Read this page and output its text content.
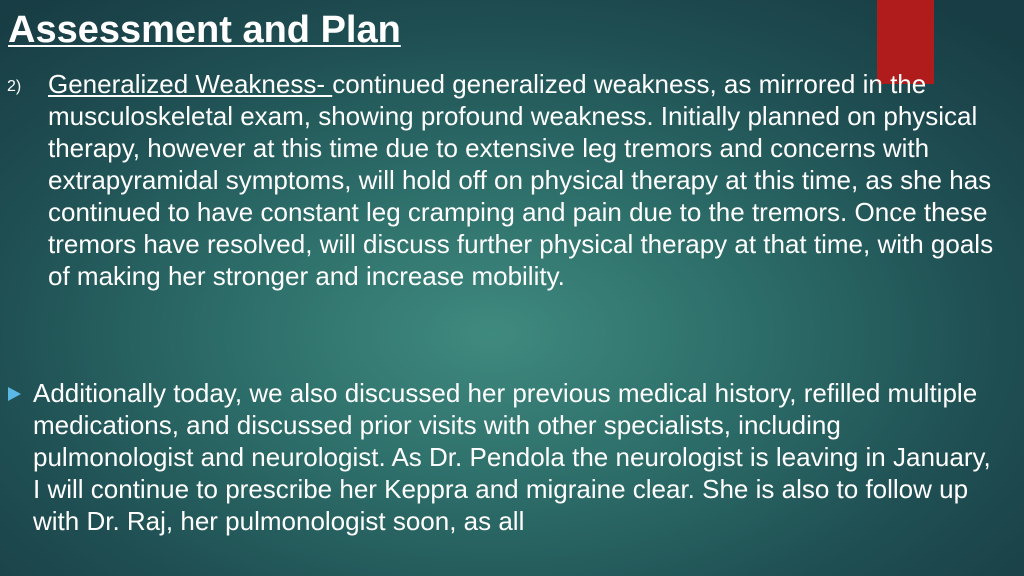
Assessment and Plan
2) Generalized Weakness- continued generalized weakness, as mirrored in the musculoskeletal exam, showing profound weakness. Initially planned on physical therapy, however at this time due to extensive leg tremors and concerns with extrapyramidal symptoms, will hold off on physical therapy at this time, as she has continued to have constant leg cramping and pain due to the tremors. Once these tremors have resolved, will discuss further physical therapy at that time, with goals of making her stronger and increase mobility.
Additionally today, we also discussed her previous medical history, refilled multiple medications, and discussed prior visits with other specialists, including pulmonologist and neurologist. As Dr. Pendola the neurologist is leaving in January, I will continue to prescribe her Keppra and migraine clear. She is also to follow up with Dr. Raj, her pulmonologist soon, as all
